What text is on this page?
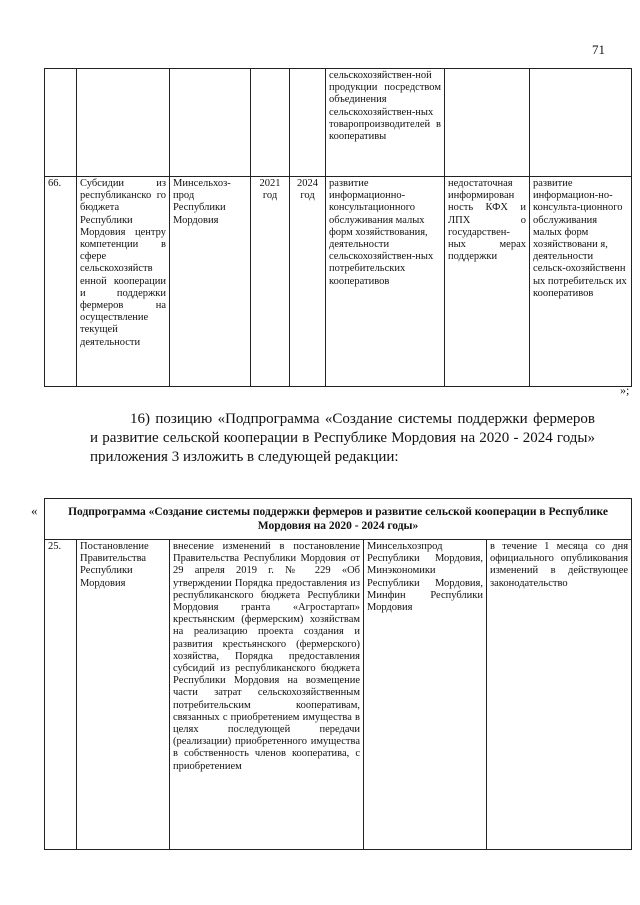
71
					сельскохозяйствен-ной продукции посредством объединения сельскохозяйствен-ных товаропроизводителей в кооперативы		
66.	Субсидии из республиканско го бюджета Республики Мордовия центру компетенции в сфере сельскохозяйств енной кооперации и поддержки фермеров на осуществление текущей деятельности	Минсельхоз-прод Республики Мордовия	2021 год	2024 год	развитие информационно-консультационного обслуживания малых форм хозяйствования, деятельности сельскохозяйствен-ных потребительских кооперативов	недостаточная информирован ность КФХ и ЛПХ о государствен-ных мерах поддержки	развитие информацион-но-консульта-ционного обслуживания малых форм хозяйствовани я, деятельности сельск-охозяйственн ых потребительск их кооперативов
»;
16) позицию «Подпрограмма «Создание системы поддержки фермеров и развитие сельской кооперации в Республике Мордовия на 2020 - 2024 годы» приложения 3 изложить в следующей редакции:
«	Подпрограмма «Создание системы поддержки фермеров и развитие сельской кооперации в Республике Мордовия на 2020 - 2024 годы»
25.	Постановление Правительства Республики Мордовия	внесение изменений в постановление Правительства Республики Мордовия от 29 апреля 2019 г. № 229 «Об утверждении Порядка предоставления из республиканского бюджета Республики Мордовия гранта «Агростартап» крестьянским (фермерским) хозяйствам на реализацию проекта создания и развития крестьянского (фермерского) хозяйства, Порядка предоставления субсидий из республиканского бюджета Республики Мордовия на возмещение части затрат сельскохозяйственным потребительским кооперативам, связанных с приобретением имущества в целях последующей передачи (реализации) приобретенного имущества в собственность членов кооператива, с приобретением	Минсельхозпрод Республики Мордовия, Минэкономики Республики Мордовия, Минфин Республики Мордовия	в течение 1 месяца со дня официального опубликования изменений в действующее законодательство
